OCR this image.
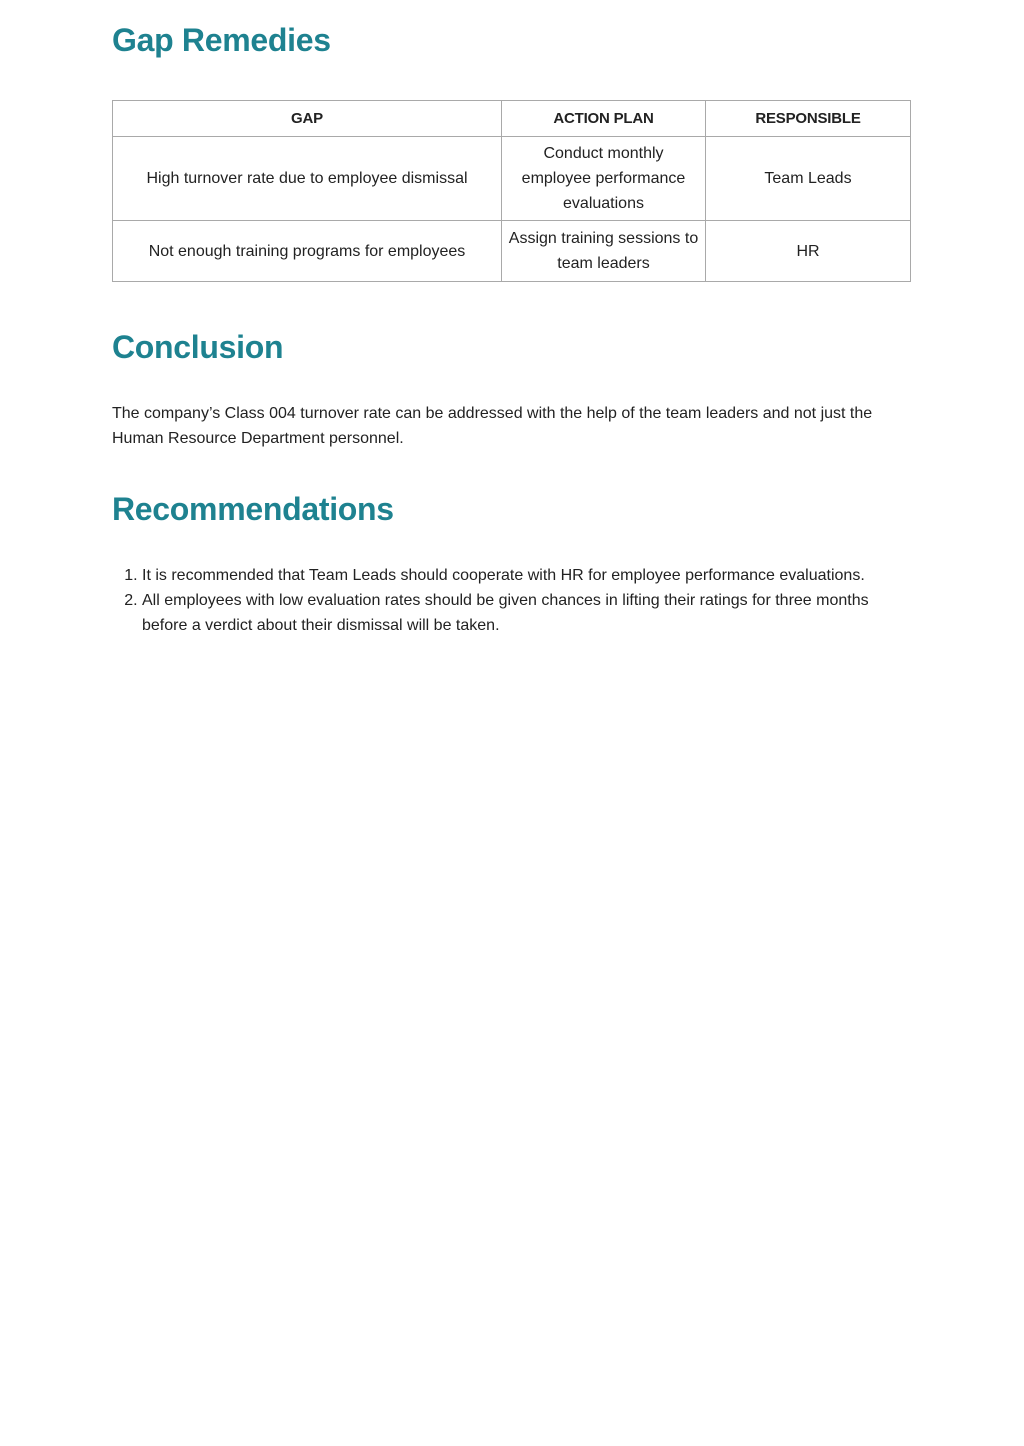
Gap Remedies
GAP	ACTION PLAN	RESPONSIBLE
High turnover rate due to employee dismissal	Conduct monthly employee performance evaluations	Team Leads
Not enough training programs for employees	Assign training sessions to team leaders	HR
Conclusion

The company’s Class 004 turnover rate can be addressed with the help of the team leaders and not just the Human Resource Department personnel.

Recommendations
1. It is recommended that Team Leads should cooperate with HR for employee performance evaluations.
2. All employees with low evaluation rates should be given chances in lifting their ratings for three months before a verdict about their dismissal will be taken.
